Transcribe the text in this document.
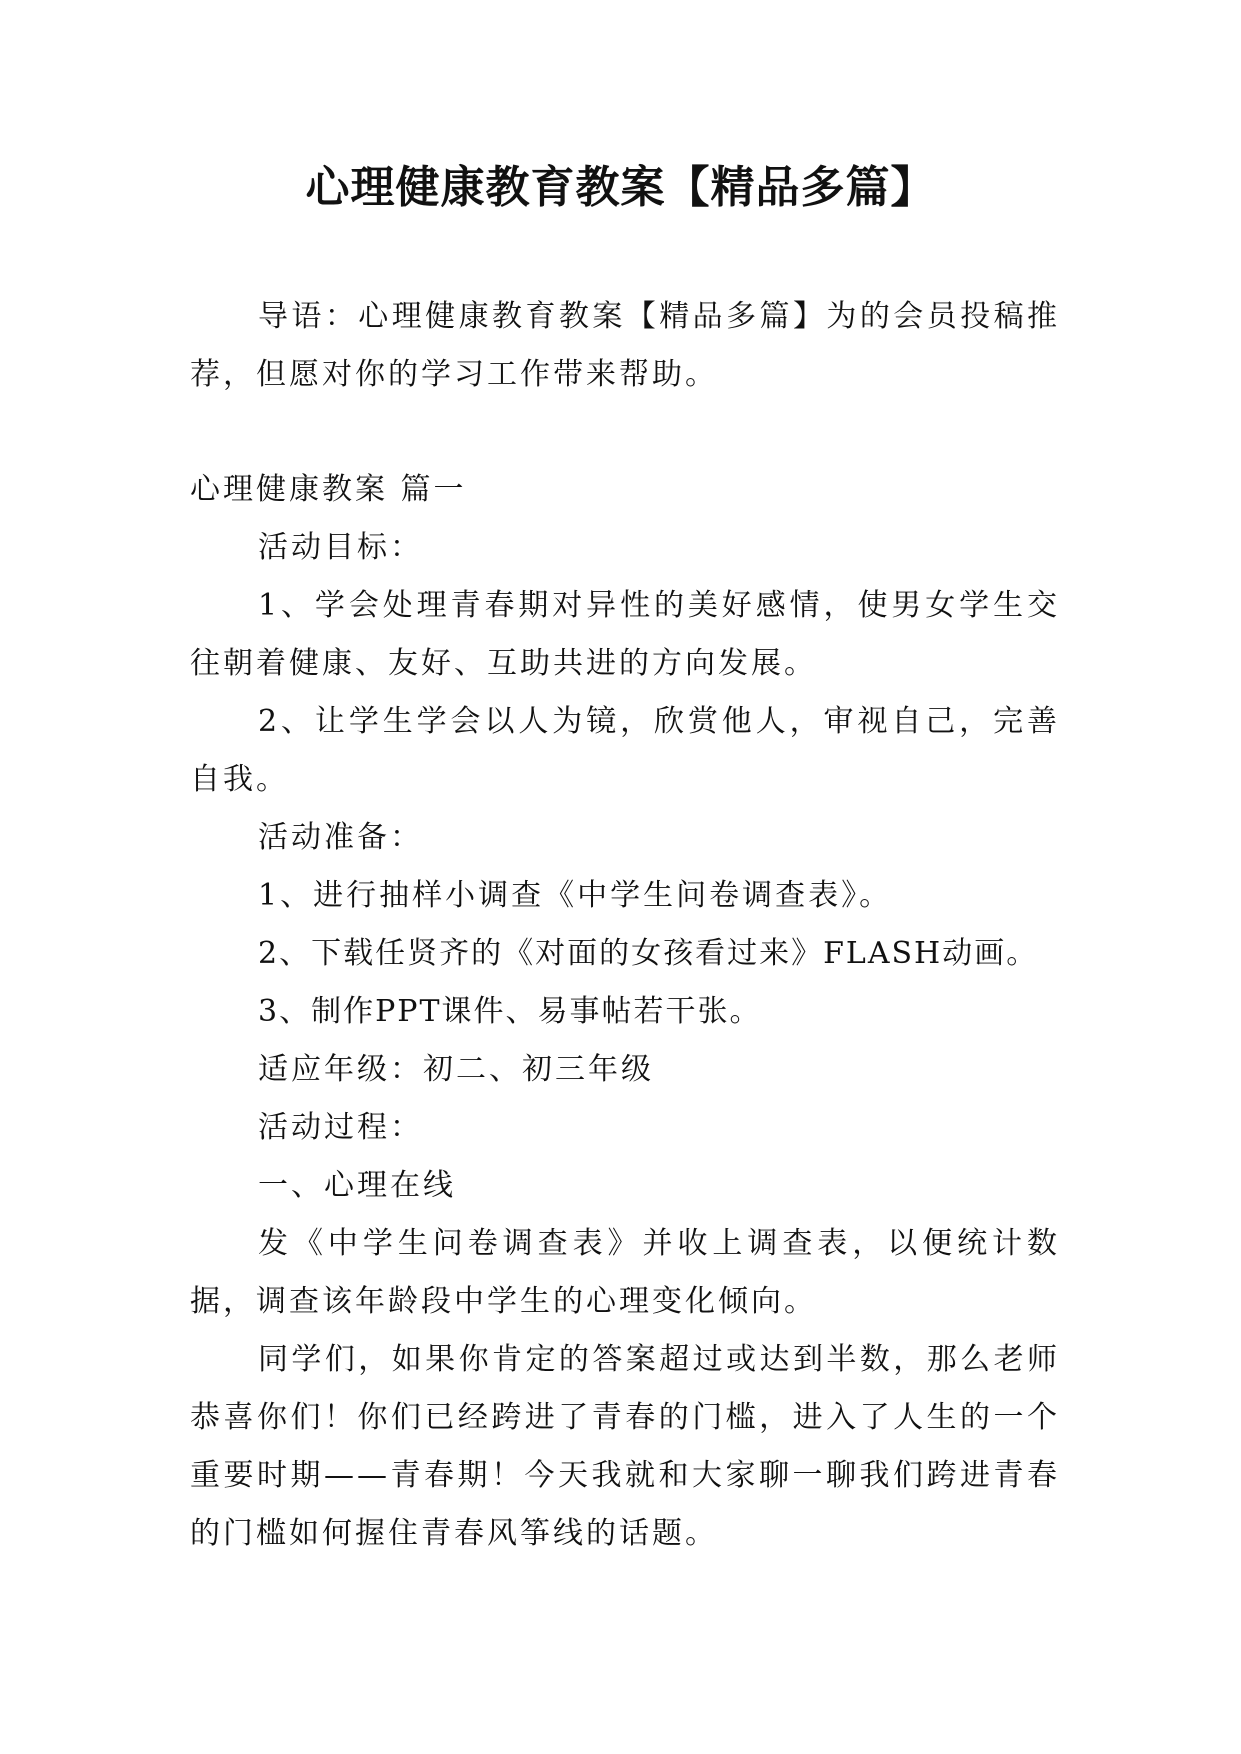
心理健康教育教案【精品多篇】

导语：心理健康教育教案【精品多篇】为的会员投稿推荐，但愿对你的学习工作带来帮助。

心理健康教案 篇一

活动目标：

1、学会处理青春期对异性的美好感情，使男女学生交往朝着健康、友好、互助共进的方向发展。

2、让学生学会以人为镜，欣赏他人，审视自己，完善自我。

活动准备：

1、进行抽样小调查《中学生问卷调查表》。

2、下载任贤齐的《对面的女孩看过来》FLASH动画。

3、制作PPT课件、易事帖若干张。

适应年级：初二、初三年级

活动过程：

一、心理在线

发《中学生问卷调查表》并收上调查表，以便统计数据，调查该年龄段中学生的心理变化倾向。

同学们，如果你肯定的答案超过或达到半数，那么老师恭喜你们！你们已经跨进了青春的门槛，进入了人生的一个重要时期——青春期！今天我就和大家聊一聊我们跨进青春的门槛如何握住青春风筝线的话题。
